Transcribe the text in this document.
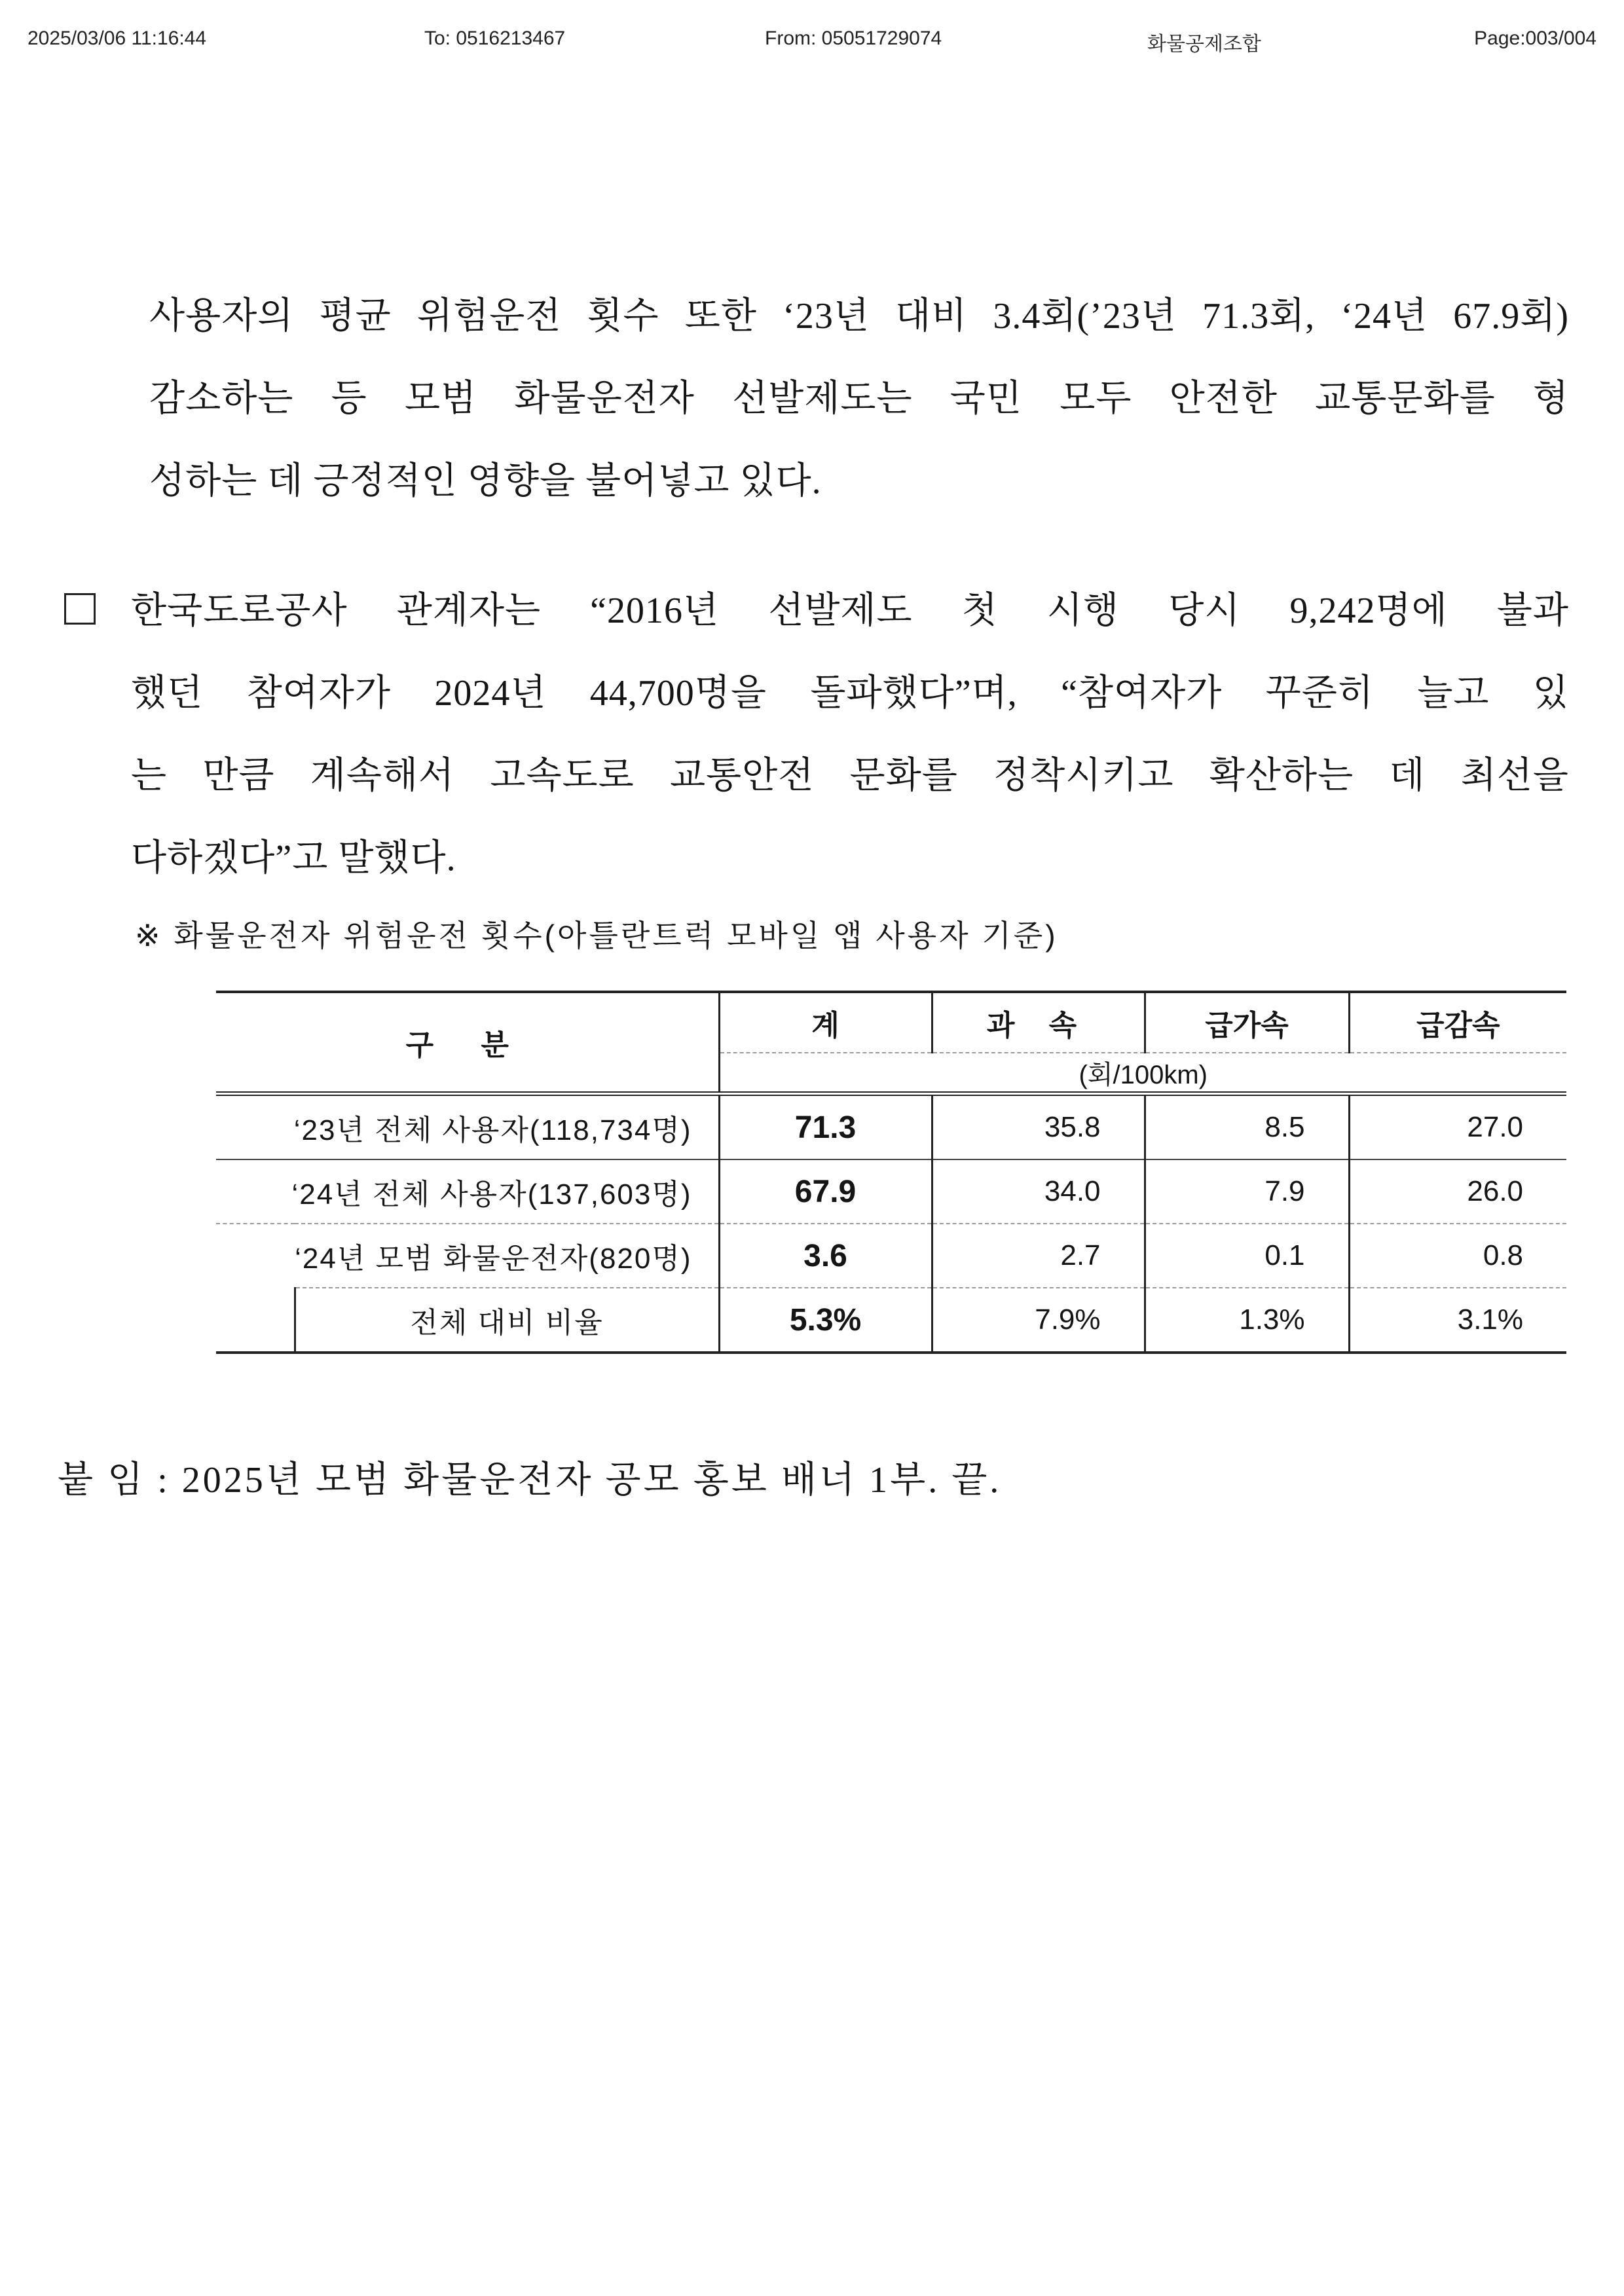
2025/03/06 11:16:44	To: 0516213467	From: 05051729074	화물공제조합	Page:003/004
사용자의 평균 위험운전 횟수 또한 ‘23년 대비 3.4회(’23년 71.3회, ‘24년 67.9회)
감소하는 등 모범 화물운전자 선발제도는 국민 모두 안전한 교통문화를 형
성하는 데 긍정적인 영향을 불어넣고 있다.
한국도로공사 관계자는 “2016년 선발제도 첫 시행 당시 9,242명에 불과
했던 참여자가 2024년 44,700명을 돌파했다”며, “참여자가 꾸준히 늘고 있
는 만큼 계속해서 고속도로 교통안전 문화를 정착시키고 확산하는 데 최선을
다하겠다”고 말했다.
※ 화물운전자 위험운전 횟수(아틀란트럭 모바일 앱 사용자 기준)
구 분		계	과 속	급가속	급감속
		(회/100km)			
‘23년 전체 사용자(118,734명)		71.3	35.8	8.5	27.0
‘24년 전체 사용자(137,603명)		67.9	34.0	7.9	26.0
‘24년 모범 화물운전자(820명)		3.6	2.7	0.1	0.8
	전체 대비 비율	5.3%	7.9%	1.3%	3.1%
붙 임 : 2025년 모범 화물운전자 공모 홍보 배너 1부. 끝.
